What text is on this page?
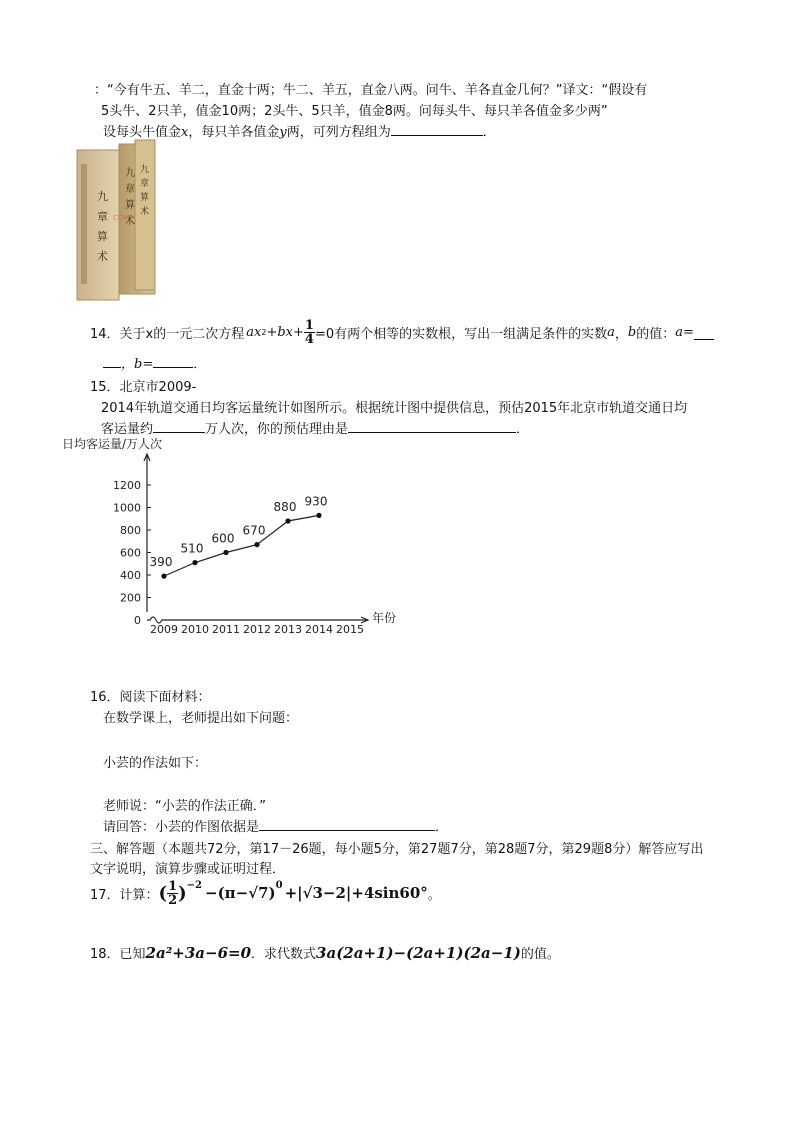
：“今有牛五、羊二，直金十两；牛二、羊五，直金八两。问牛、羊各直金几何？”译文：“假设有
5头牛、2只羊，值金10两；2头牛、5只羊，值金8两。问每头牛、每只羊各值金多少两”
设每头牛值金x，每只羊各值金y两，可列方程组为	．
九
章
算
术
九
章
算
术
九
章
算
术
COM
14．关于x的一元二次方程 ax $2 +bx+ \frac{1}{4} =0$有两个相等的实数根，写出一组满足条件的实数 a ， b 的值： a=
，b=	．
15．北京市2009-
2014年轨道交通日均客运量统计如图所示。根据统计图中提供信息，预估2015年北京市轨道交通日均
客运量约	万人次，你的预估理由是	．
0
200
400
600
800
1000
1200
2009 2010 2011 2012 2013 2014 2015
日均客运量/万人次
年份
390
510
600
670
880 930
16．阅读下面材料：
在数学课上，老师提出如下问题：
小芸的作法如下：
老师说：“小芸的作法正确．”
请回答：小芸的作图依据是	．
三、解答题（本题共72分，第17－26题，每小题5分，第27题7分，第28题7分，第29题8分）解答应写出
文字说明，演算步骤或证明过程．
17．计算： ( $\frac{1}{2} )^{-2} -(\pi-√7)^0 +|√3-2|+4\sin 60^\circ$ 。
18．已知 2a²+3a−6=0 ．求代数式 3a(2a+1)−(2a+1)(2a−1) 的值。
